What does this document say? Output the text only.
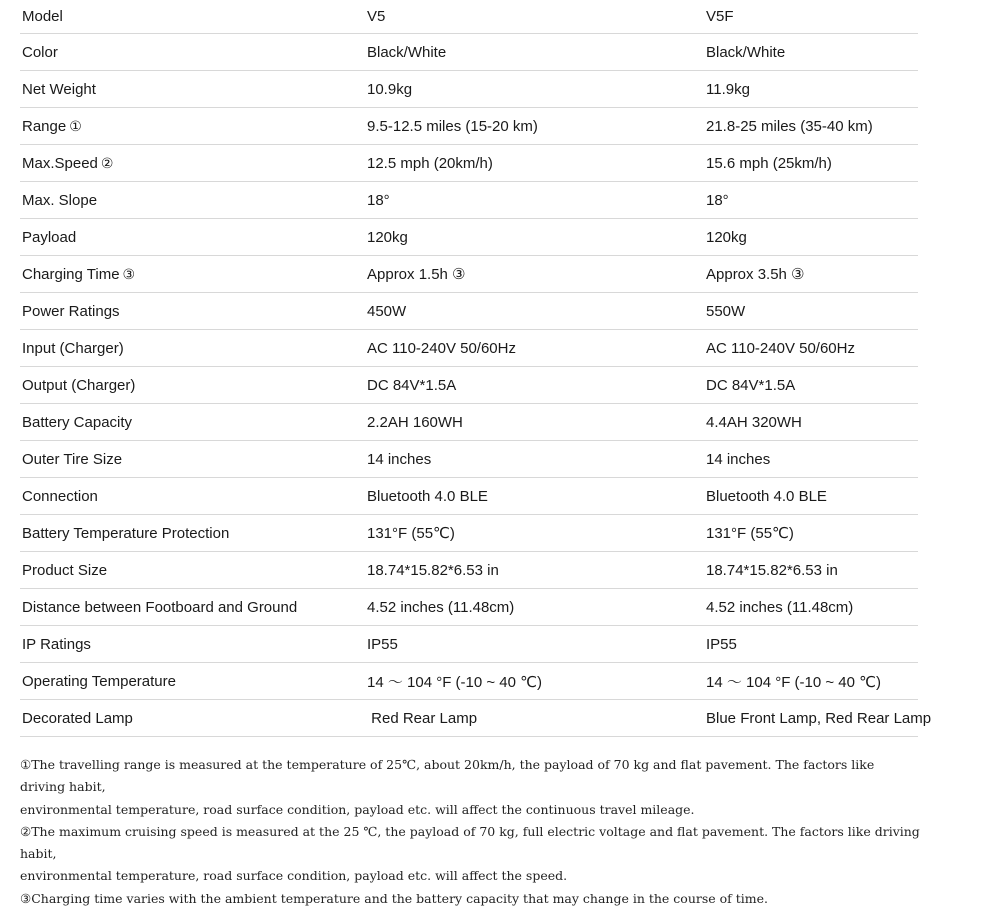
Model	V5	V5F
Color	Black/White	Black/White
Net Weight	10.9kg	11.9kg
Range ①	9.5-12.5 miles (15-20 km)	21.8-25 miles (35-40 km)
Max.Speed ②	12.5 mph (20km/h)	15.6 mph (25km/h)
Max. Slope	18°	18°
Payload	120kg	120kg
Charging Time ③	Approx 1.5h ③	Approx 3.5h ③
Power Ratings	450W	550W
Input (Charger)	AC 110-240V 50/60Hz	AC 110-240V 50/60Hz
Output (Charger)	DC 84V*1.5A	DC 84V*1.5A
Battery Capacity	2.2AH 160WH	4.4AH 320WH
Outer Tire Size	14 inches	14 inches
Connection	Bluetooth 4.0 BLE	Bluetooth 4.0 BLE
Battery Temperature Protection	131°F (55℃)	131°F (55℃)
Product Size	18.74*15.82*6.53 in	18.74*15.82*6.53 in
Distance between Footboard and Ground	4.52 inches (11.48cm)	4.52 inches (11.48cm)
IP Ratings	IP55	IP55
Operating Temperature	14 〜 104 °F (-10 ~ 40 ℃)	14 〜 104 °F (-10 ~ 40 ℃)
Decorated Lamp	Red Rear Lamp	Blue Front Lamp, Red Rear Lamp

①The travelling range is measured at the temperature of 25℃, about 20km/h, the payload of 70 kg and flat pavement. The factors like driving habit,

environmental temperature, road surface condition, payload etc. will affect the continuous travel mileage.

②The maximum cruising speed is measured at the 25 ℃, the payload of 70 kg, full electric voltage and flat pavement. The factors like driving habit,

environmental temperature, road surface condition, payload etc. will affect the speed.

③Charging time varies with the ambient temperature and the battery capacity that may change in the course of time.
